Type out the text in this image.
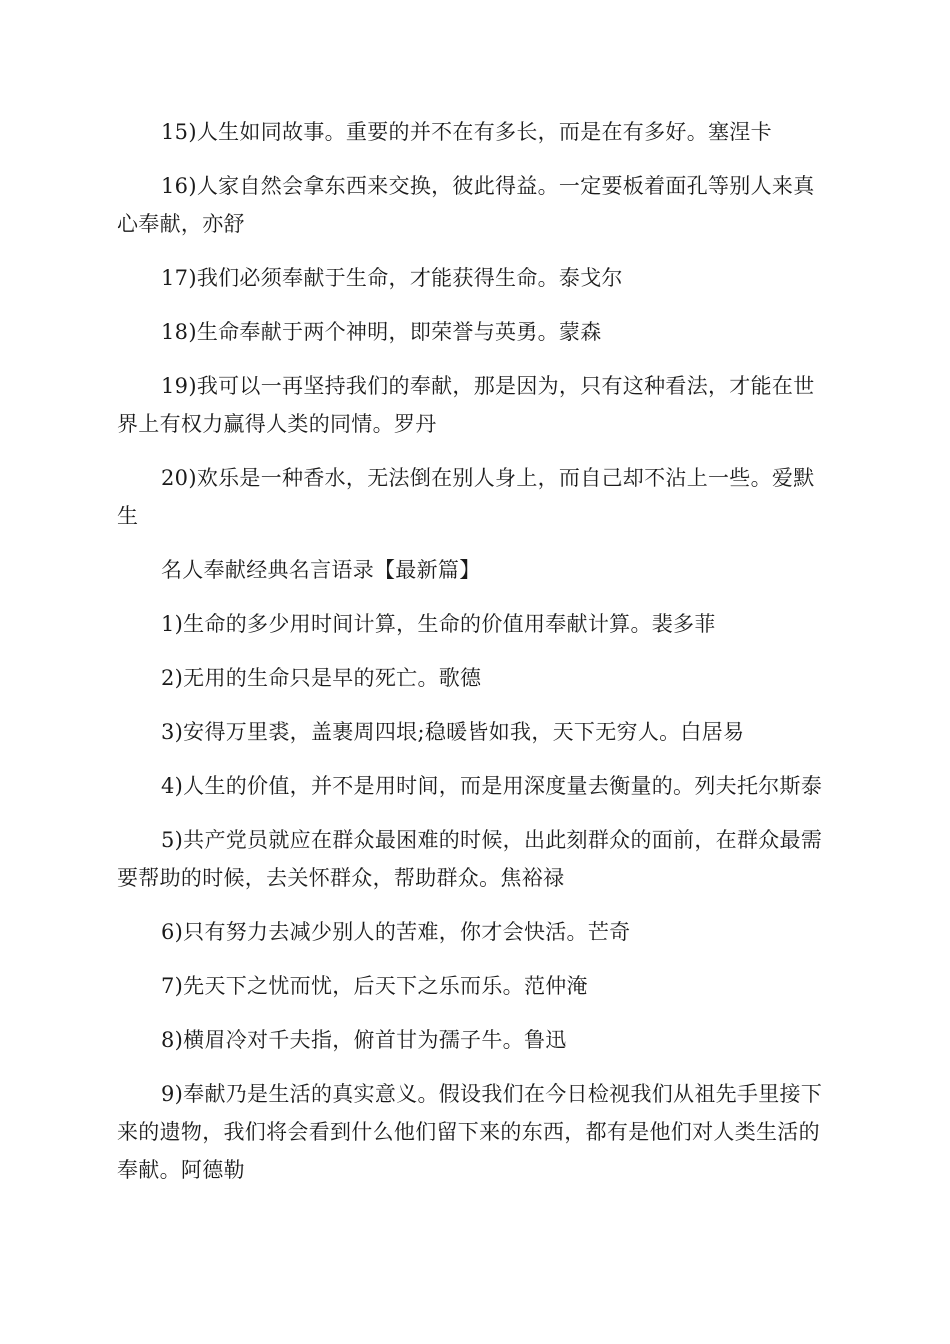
15)人生如同故事。重要的并不在有多长，而是在有多好。塞涅卡

16)人家自然会拿东西来交换，彼此得益。一定要板着面孔等别人来真心奉献，亦舒

17)我们必须奉献于生命，才能获得生命。泰戈尔

18)生命奉献于两个神明，即荣誉与英勇。蒙森

19)我可以一再坚持我们的奉献，那是因为，只有这种看法，才能在世界上有权力赢得人类的同情。罗丹

20)欢乐是一种香水，无法倒在别人身上，而自己却不沾上一些。爱默生

名人奉献经典名言语录【最新篇】

1)生命的多少用时间计算，生命的价值用奉献计算。裴多菲

2)无用的生命只是早的死亡。歌德

3)安得万里裘，盖裹周四垠;稳暖皆如我，天下无穷人。白居易

4)人生的价值，并不是用时间，而是用深度量去衡量的。列夫托尔斯泰

5)共产党员就应在群众最困难的时候，出此刻群众的面前，在群众最需要帮助的时候，去关怀群众，帮助群众。焦裕禄

6)只有努力去减少别人的苦难，你才会快活。芒奇

7)先天下之忧而忧，后天下之乐而乐。范仲淹

8)横眉冷对千夫指，俯首甘为孺子牛。鲁迅

9)奉献乃是生活的真实意义。假设我们在今日检视我们从祖先手里接下来的遗物，我们将会看到什么他们留下来的东西，都有是他们对人类生活的奉献。阿德勒
